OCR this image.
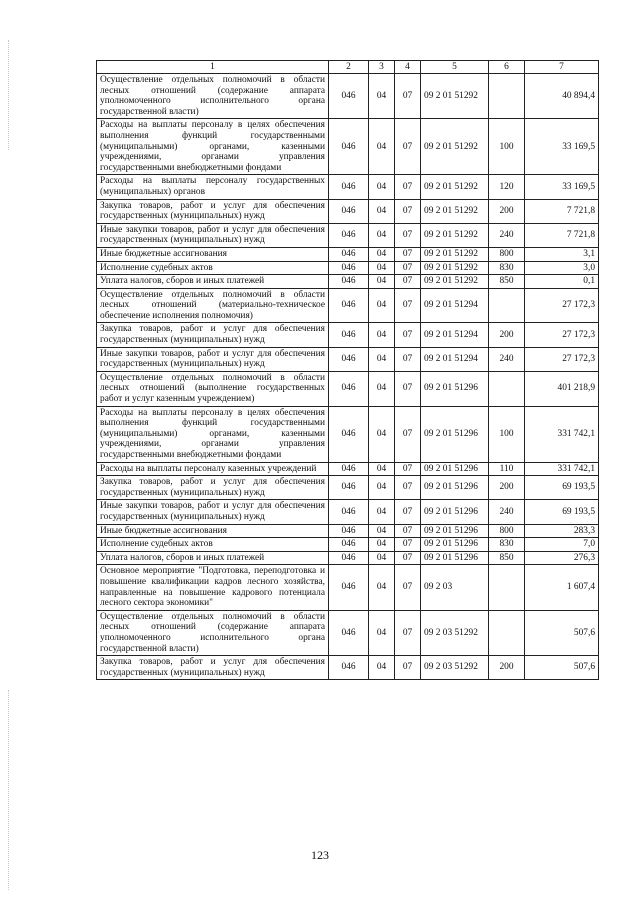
1	2	3	4	5	6	7
Осуществление отдельных полномочий в области лесных отношений (содержание аппарата уполномоченного исполнительного органа государственной власти)	046	04	07	09 2 01 51292		40 894,4
Расходы на выплаты персоналу в целях обеспечения выполнения функций государственными (муниципальными) органами, казенными учреждениями, органами управления государственными внебюджетными фондами	046	04	07	09 2 01 51292	100	33 169,5
Расходы на выплаты персоналу государственных (муниципальных) органов	046	04	07	09 2 01 51292	120	33 169,5
Закупка товаров, работ и услуг для обеспечения государственных (муниципальных) нужд	046	04	07	09 2 01 51292	200	7 721,8
Иные закупки товаров, работ и услуг для обеспечения государственных (муниципальных) нужд	046	04	07	09 2 01 51292	240	7 721,8
Иные бюджетные ассигнования	046	04	07	09 2 01 51292	800	3,1
Исполнение судебных актов	046	04	07	09 2 01 51292	830	3,0
Уплата налогов, сборов и иных платежей	046	04	07	09 2 01 51292	850	0,1
Осуществление отдельных полномочий в области лесных отношений (материально-техническое обеспечение исполнения полномочия)	046	04	07	09 2 01 51294		27 172,3
Закупка товаров, работ и услуг для обеспечения государственных (муниципальных) нужд	046	04	07	09 2 01 51294	200	27 172,3
Иные закупки товаров, работ и услуг для обеспечения государственных (муниципальных) нужд	046	04	07	09 2 01 51294	240	27 172,3
Осуществление отдельных полномочий в области лесных отношений (выполнение государственных работ и услуг казенным учреждением)	046	04	07	09 2 01 51296		401 218,9
Расходы на выплаты персоналу в целях обеспечения выполнения функций государственными (муниципальными) органами, казенными учреждениями, органами управления государственными внебюджетными фондами	046	04	07	09 2 01 51296	100	331 742,1
Расходы на выплаты персоналу казенных учреждений	046	04	07	09 2 01 51296	110	331 742,1
Закупка товаров, работ и услуг для обеспечения государственных (муниципальных) нужд	046	04	07	09 2 01 51296	200	69 193,5
Иные закупки товаров, работ и услуг для обеспечения государственных (муниципальных) нужд	046	04	07	09 2 01 51296	240	69 193,5
Иные бюджетные ассигнования	046	04	07	09 2 01 51296	800	283,3
Исполнение судебных актов	046	04	07	09 2 01 51296	830	7,0
Уплата налогов, сборов и иных платежей	046	04	07	09 2 01 51296	850	276,3
Основное мероприятие "Подготовка, переподготовка и повышение квалификации кадров лесного хозяйства, направленные на повышение кадрового потенциала лесного сектора экономики"	046	04	07	09 2 03		1 607,4
Осуществление отдельных полномочий в области лесных отношений (содержание аппарата уполномоченного исполнительного органа государственной власти)	046	04	07	09 2 03 51292		507,6
Закупка товаров, работ и услуг для обеспечения государственных (муниципальных) нужд	046	04	07	09 2 03 51292	200	507,6
123
